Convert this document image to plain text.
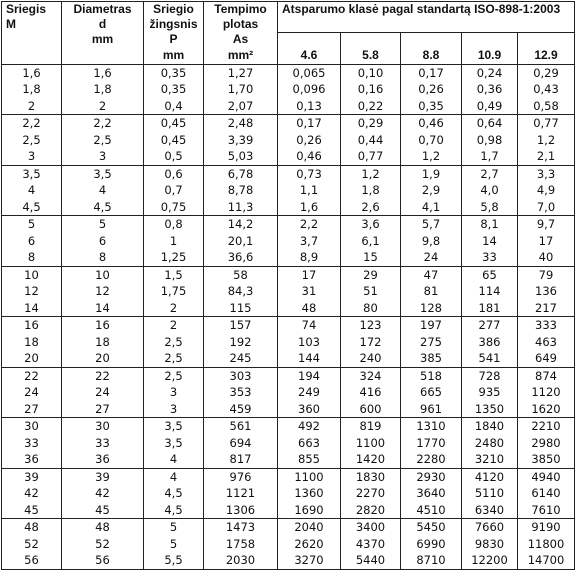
Sriegis	Diametras	Sriegio	Tempimo	Atsparumo klasė pagal standartą ISO-898-1:2003				
M	d	žingsnis	plotas					
	mm	P	As					
		mm	mm²	4.6	5.8	8.8	10.9	12.9
1,6	1,6	0,35	1,27	0,065	0,10	0,17	0,24	0,29
1,8	1,8	0,35	1,70	0,096	0,16	0,26	0,36	0,43
2	2	0,4	2,07	0,13	0,22	0,35	0,49	0,58
2,2	2,2	0,45	2,48	0,17	0,29	0,46	0,64	0,77
2,5	2,5	0,45	3,39	0,26	0,44	0,70	0,98	1,2
3	3	0,5	5,03	0,46	0,77	1,2	1,7	2,1
3,5	3,5	0,6	6,78	0,73	1,2	1,9	2,7	3,3
4	4	0,7	8,78	1,1	1,8	2,9	4,0	4,9
4,5	4,5	0,75	11,3	1,6	2,6	4,1	5,8	7,0
5	5	0,8	14,2	2,2	3,6	5,7	8,1	9,7
6	6	1	20,1	3,7	6,1	9,8	14	17
8	8	1,25	36,6	8,9	15	24	33	40
10	10	1,5	58	17	29	47	65	79
12	12	1,75	84,3	31	51	81	114	136
14	14	2	115	48	80	128	181	217
16	16	2	157	74	123	197	277	333
18	18	2,5	192	103	172	275	386	463
20	20	2,5	245	144	240	385	541	649
22	22	2,5	303	194	324	518	728	874
24	24	3	353	249	416	665	935	1120
27	27	3	459	360	600	961	1350	1620
30	30	3,5	561	492	819	1310	1840	2210
33	33	3,5	694	663	1100	1770	2480	2980
36	36	4	817	855	1420	2280	3210	3850
39	39	4	976	1100	1830	2930	4120	4940
42	42	4,5	1121	1360	2270	3640	5110	6140
45	45	4,5	1306	1690	2820	4510	6340	7610
48	48	5	1473	2040	3400	5450	7660	9190
52	52	5	1758	2620	4370	6990	9830	11800
56	56	5,5	2030	3270	5440	8710	12200	14700
